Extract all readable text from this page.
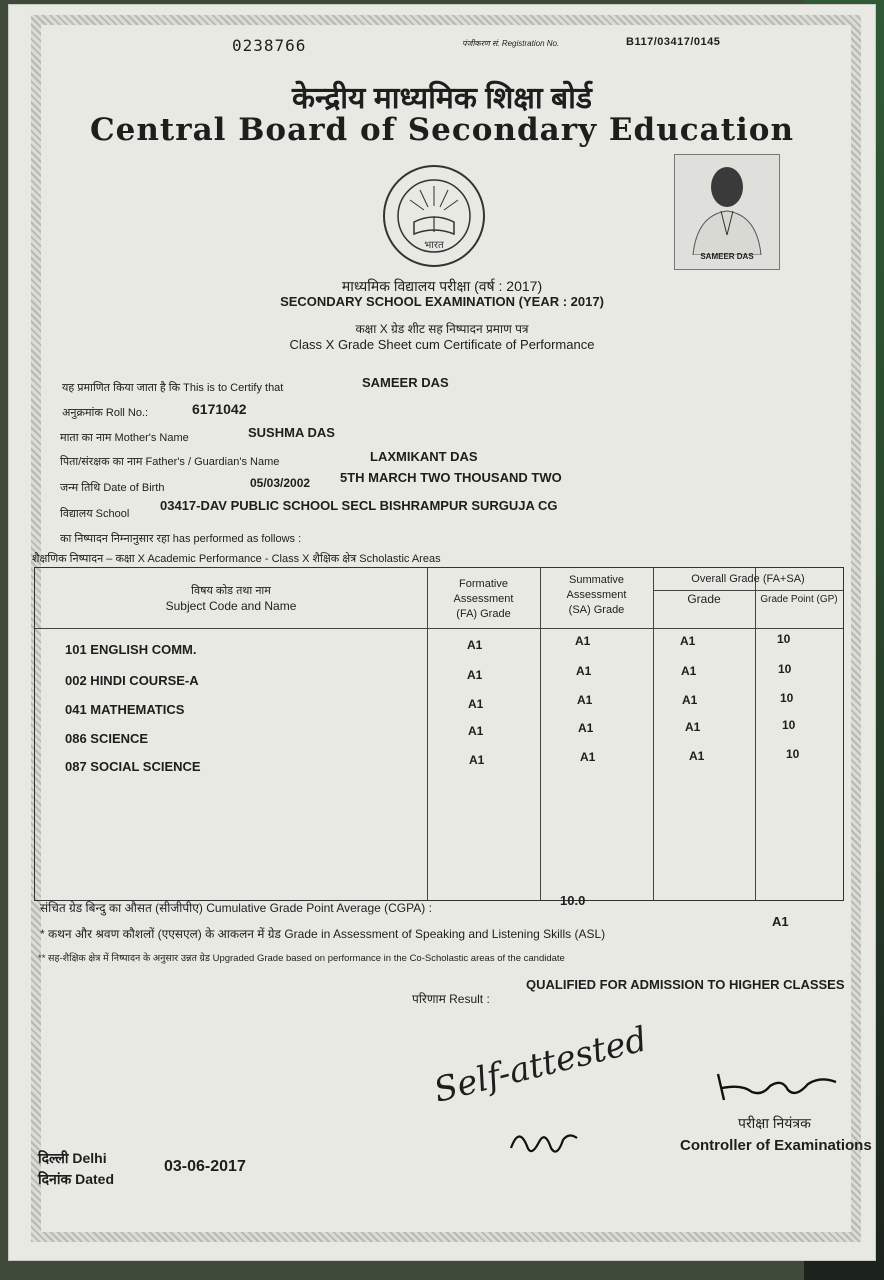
0238766	पंजीकरण सं. Registration No.	B117/03417/0145
केन्द्रीय माध्यमिक शिक्षा बोर्ड
Central Board of Secondary Education
भारत
SAMEER DAS
माध्यमिक विद्यालय परीक्षा (वर्ष : 2017)
SECONDARY SCHOOL EXAMINATION (YEAR : 2017)
कक्षा X ग्रेड शीट सह निष्पादन प्रमाण पत्र
Class X Grade Sheet cum Certificate of Performance
यह प्रमाणित किया जाता है कि This is to Certify that	SAMEER DAS
अनुक्रमांक Roll No.:	6171042
माता का नाम Mother's Name	SUSHMA DAS
पिता/संरक्षक का नाम Father's / Guardian's Name	LAXMIKANT DAS
जन्म तिथि Date of Birth	05/03/2002 5TH MARCH TWO THOUSAND TWO
विद्यालय School
03417-DAV PUBLIC SCHOOL SECL BISHRAMPUR SURGUJA CG
का निष्पादन निम्नानुसार रहा has performed as follows :
शैक्षणिक निष्पादन – कक्षा X Academic Performance - Class X शैक्षिक क्षेत्र Scholastic Areas
विषय कोड तथा नाम
Subject Code and Name
Formative
Assessment
(FA) Grade
Summative
Assessment
(SA) Grade
Overall Grade (FA+SA)
Grade	Grade Point (GP)
101 ENGLISH COMM.	A1	A1	A1	10
002 HINDI COURSE-A	A1	A1	A1	10
041 MATHEMATICS	A1	A1	A1	10
086 SCIENCE	A1	A1	A1	10
087 SOCIAL SCIENCE	A1	A1	A1	10
संचित ग्रेड बिन्दु का औसत (सीजीपीए) Cumulative Grade Point Average (CGPA) :	10.0
* कथन और श्रवण कौशलों (एएसएल) के आकलन में ग्रेड Grade in Assessment of Speaking and Listening Skills (ASL)
A1
** सह-शैक्षिक क्षेत्र में निष्पादन के अनुसार उन्नत ग्रेड Upgraded Grade based on performance in the Co-Scholastic areas of the candidate
परिणाम Result :
QUALIFIED FOR ADMISSION TO HIGHER CLASSES
Self-attested
परीक्षा नियंत्रक
Controller of Examinations
दिल्ली Delhi
दिनांक Dated
03-06-2017
